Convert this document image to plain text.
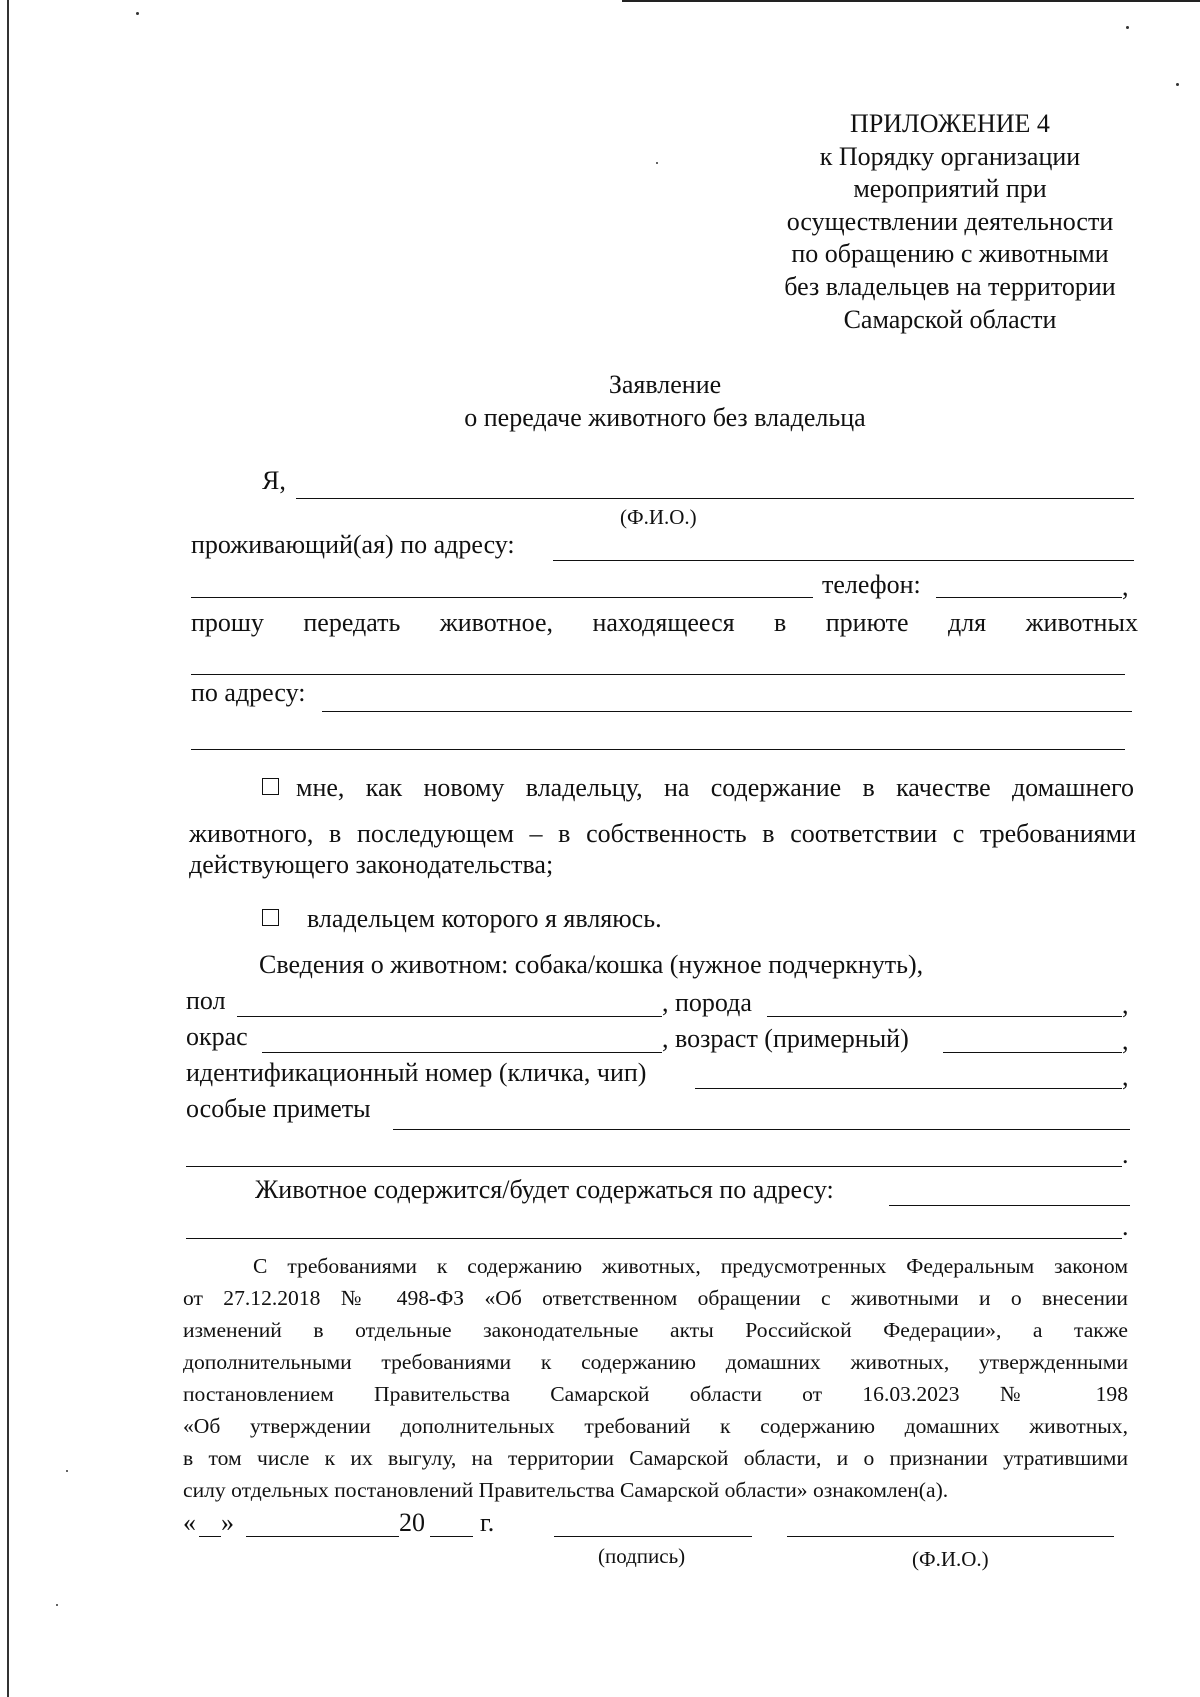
ПРИЛОЖЕНИЕ 4
к Порядку организации
мероприятий при
осуществлении деятельности
по обращению с животными
без владельцев на территории
Самарской области
Заявление
о передаче животного без владельца
Я,
(Ф.И.О.)
проживающий(ая) по адресу:
телефон:	,
прошу передать животное, находящееся в приюте для животных
по адресу:
мне, как новому владельцу, на содержание в качестве домашнего
животного, в последующем – в собственность в соответствии с требованиями
действующего законодательства;
владельцем которого я являюсь.
Сведения о животном: собака/кошка (нужное подчеркнуть),
пол	, порода	,
окрас	, возраст (примерный)	,
идентификационный номер (кличка, чип)	,
особые приметы
.
Животное содержится/будет содержаться по адресу:
.
С требованиями к содержанию животных, предусмотренных Федеральным законом
от 27.12.2018 № 498-ФЗ «Об ответственном обращении с животными и о внесении
изменений в отдельные законодательные акты Российской Федерации», а также
дополнительными требованиями к содержанию домашних животных, утвержденными
постановлением Правительства Самарской области от 16.03.2023 № 198
«Об утверждении дополнительных требований к содержанию домашних животных,
в том числе к их выгулу, на территории Самарской области, и о признании утратившими
силу отдельных постановлений Правительства Самарской области» ознакомлен(а).
« »	20 г.
(подпись)	(Ф.И.О.)
